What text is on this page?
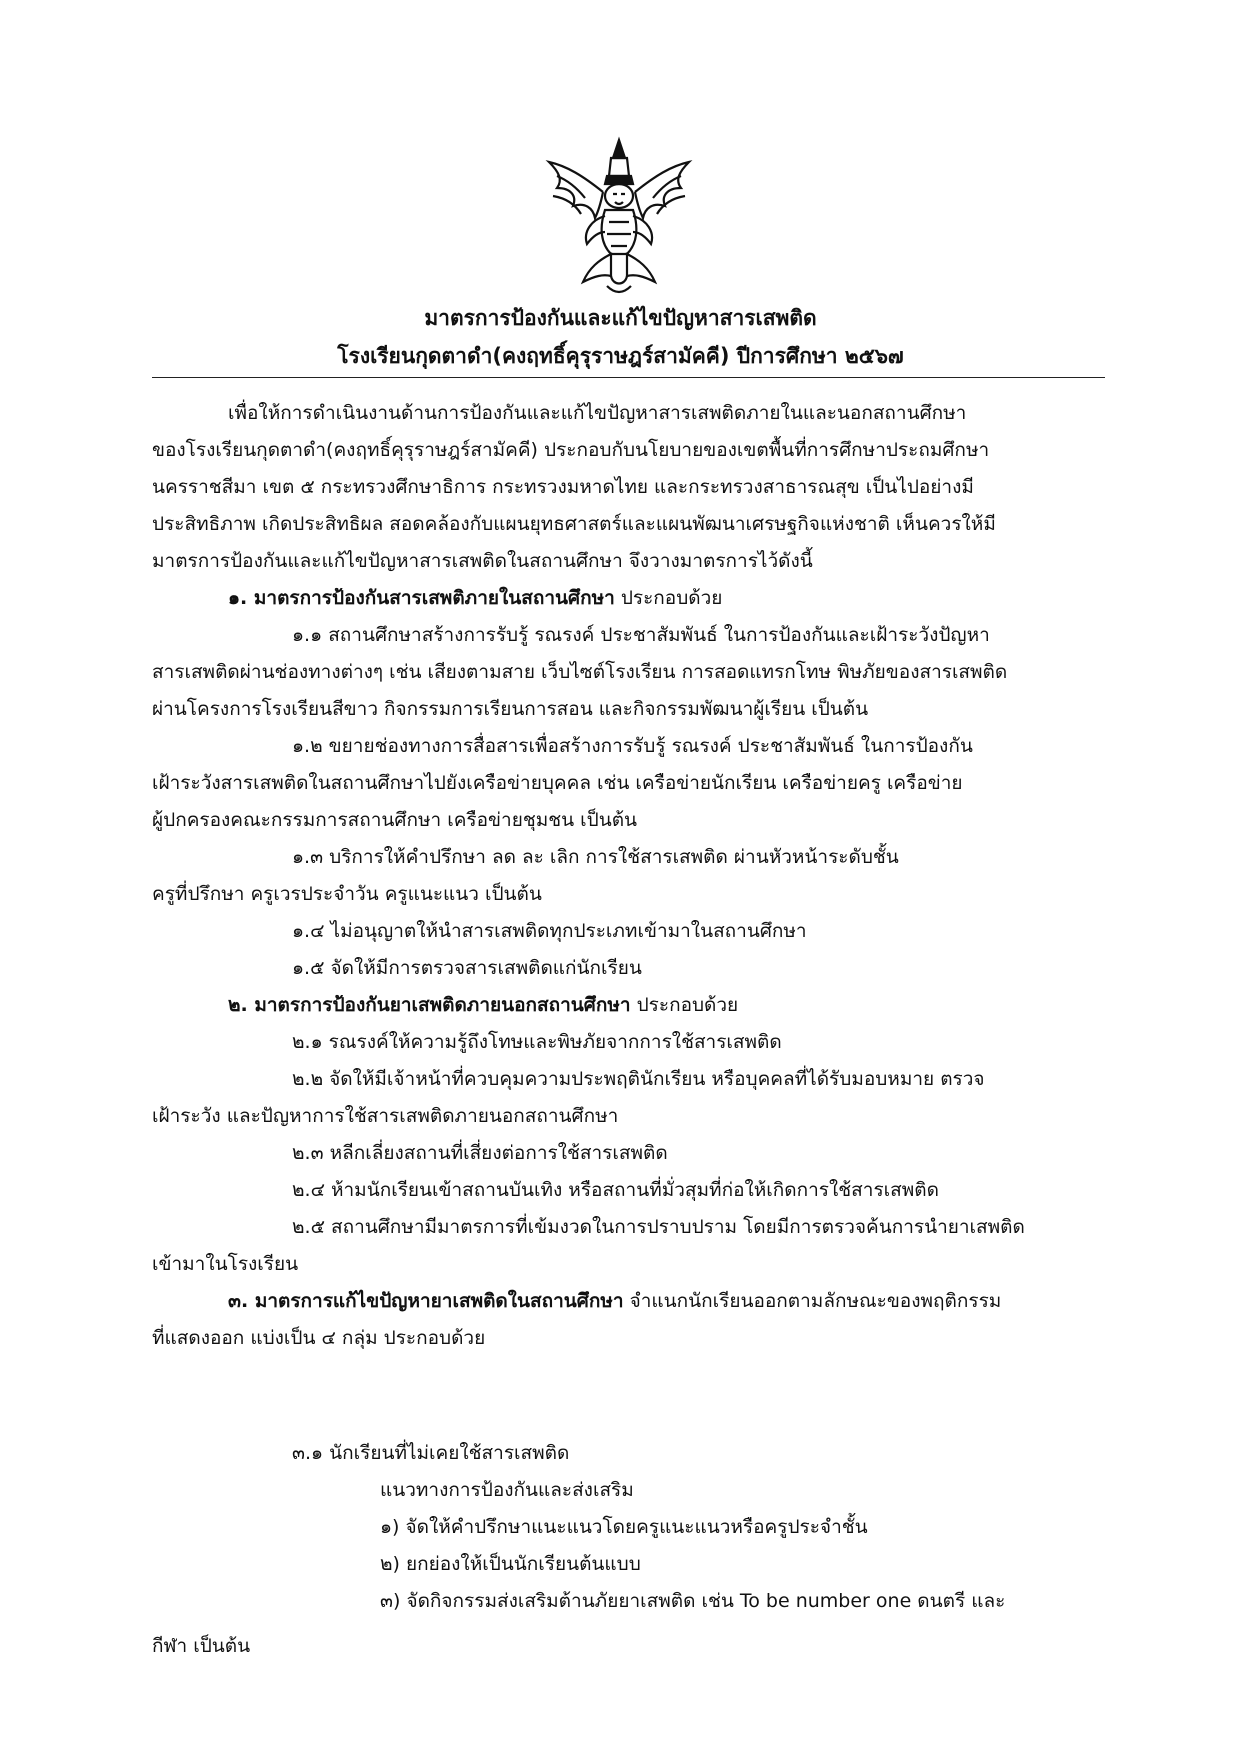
มาตรการป้องกันและแก้ไขปัญหาสารเสพติด
โรงเรียนกุดตาดำ(คงฤทธิ์คุรุราษฎร์สามัคคี) ปีการศึกษา ๒๕๖๗
เพื่อให้การดำเนินงานด้านการป้องกันและแก้ไขปัญหาสารเสพติดภายในและนอกสถานศึกษา
ของโรงเรียนกุดตาดำ(คงฤทธิ์คุรุราษฎร์สามัคคี) ประกอบกับนโยบายของเขตพื้นที่การศึกษาประถมศึกษา
นครราชสีมา เขต ๕ กระทรวงศึกษาธิการ กระทรวงมหาดไทย และกระทรวงสาธารณสุข เป็นไปอย่างมี
ประสิทธิภาพ เกิดประสิทธิผล สอดคล้องกับแผนยุทธศาสตร์และแผนพัฒนาเศรษฐกิจแห่งชาติ เห็นควรให้มี
มาตรการป้องกันและแก้ไขปัญหาสารเสพติดในสถานศึกษา จึงวางมาตรการไว้ดังนี้
๑. มาตรการป้องกันสารเสพติภายในสถานศึกษา ประกอบด้วย
๑.๑ สถานศึกษาสร้างการรับรู้ รณรงค์ ประชาสัมพันธ์ ในการป้องกันและเฝ้าระวังปัญหา
สารเสพติดผ่านช่องทางต่างๆ เช่น เสียงตามสาย เว็บไซต์โรงเรียน การสอดแทรกโทษ พิษภัยของสารเสพติด
ผ่านโครงการโรงเรียนสีขาว กิจกรรมการเรียนการสอน และกิจกรรมพัฒนาผู้เรียน เป็นต้น
๑.๒ ขยายช่องทางการสื่อสารเพื่อสร้างการรับรู้ รณรงค์ ประชาสัมพันธ์ ในการป้องกัน
เฝ้าระวังสารเสพติดในสถานศึกษาไปยังเครือข่ายบุคคล เช่น เครือข่ายนักเรียน เครือข่ายครู เครือข่าย
ผู้ปกครองคณะกรรมการสถานศึกษา เครือข่ายชุมชน เป็นต้น
๑.๓ บริการให้คำปรึกษา ลด ละ เลิก การใช้สารเสพติด ผ่านหัวหน้าระดับชั้น
ครูที่ปรึกษา ครูเวรประจำวัน ครูแนะแนว เป็นต้น
๑.๔ ไม่อนุญาตให้นำสารเสพติดทุกประเภทเข้ามาในสถานศึกษา
๑.๕ จัดให้มีการตรวจสารเสพติดแก่นักเรียน
๒. มาตรการป้องกันยาเสพติดภายนอกสถานศึกษา ประกอบด้วย
๒.๑ รณรงค์ให้ความรู้ถึงโทษและพิษภัยจากการใช้สารเสพติด
๒.๒ จัดให้มีเจ้าหน้าที่ควบคุมความประพฤตินักเรียน หรือบุคคลที่ได้รับมอบหมาย ตรวจ
เฝ้าระวัง และปัญหาการใช้สารเสพติดภายนอกสถานศึกษา
๒.๓ หลีกเลี่ยงสถานที่เสี่ยงต่อการใช้สารเสพติด
๒.๔ ห้ามนักเรียนเข้าสถานบันเทิง หรือสถานที่มั่วสุมที่ก่อให้เกิดการใช้สารเสพติด
๒.๕ สถานศึกษามีมาตรการที่เข้มงวดในการปราบปราม โดยมีการตรวจค้นการนำยาเสพติด
เข้ามาในโรงเรียน
๓. มาตรการแก้ไขปัญหายาเสพติดในสถานศึกษา จำแนกนักเรียนออกตามลักษณะของพฤติกรรม
ที่แสดงออก แบ่งเป็น ๔ กลุ่ม ประกอบด้วย
๓.๑ นักเรียนที่ไม่เคยใช้สารเสพติด
แนวทางการป้องกันและส่งเสริม
๑) จัดให้คำปรึกษาแนะแนวโดยครูแนะแนวหรือครูประจำชั้น
๒) ยกย่องให้เป็นนักเรียนต้นแบบ
๓) จัดกิจกรรมส่งเสริมต้านภัยยาเสพติด เช่น To be number one ดนตรี และ
กีฬา เป็นต้น
